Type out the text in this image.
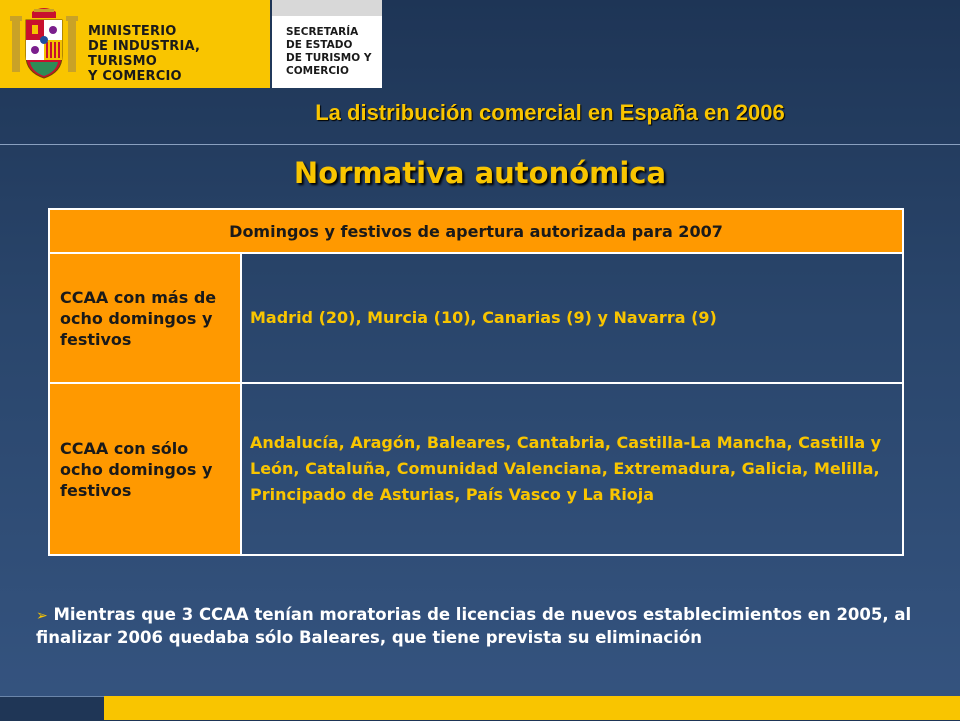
MINISTERIO
DE INDUSTRIA, TURISMO
Y COMERCIO
SECRETARÍA
DE ESTADO
DE TURISMO Y
COMERCIO
La distribución comercial en España en 2006
Normativa autonómica
Domingos y festivos de apertura autorizada para 2007	
CCAA con más de ocho domingos y festivos	Madrid (20), Murcia (10), Canarias (9) y Navarra (9)
CCAA con sólo ocho domingos y festivos	Andalucía, Aragón, Baleares, Cantabria, Castilla-La Mancha, Castilla y León, Cataluña, Comunidad Valenciana, Extremadura, Galicia, Melilla, Principado de Asturias, País Vasco y La Rioja
➢ Mientras que 3 CCAA tenían moratorias de licencias de nuevos establecimientos en 2005, al finalizar 2006 quedaba sólo Baleares, que tiene prevista su eliminación
